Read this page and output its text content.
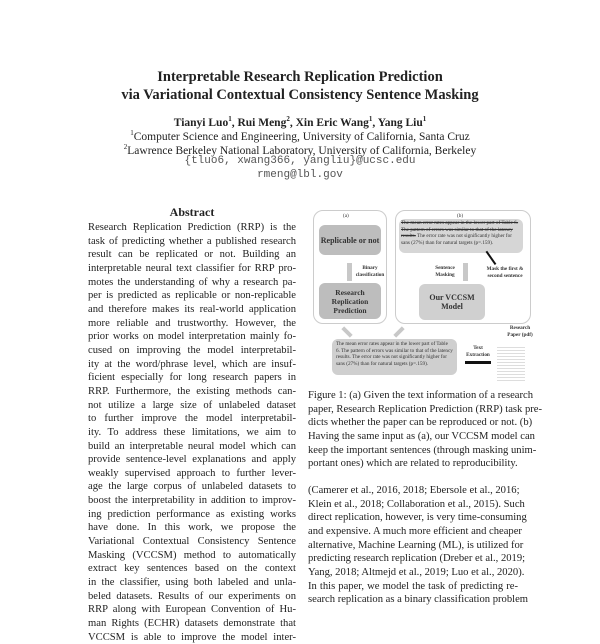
Interpretable Research Replication Prediction
via Variational Contextual Consistency Sentence Masking
Tianyi Luo$^1$, Rui Meng$^2$, Xin Eric Wang$^1$, Yang Liu$^1$
$^1$Computer Science and Engineering, University of California, Santa Cruz
$^2$Lawrence Berkeley National Laboratory, University of California, Berkeley
{tluo6, xwang366, yangliu}@ucsc.edu
rmeng@lbl.gov
Abstract
Research Replication Prediction (RRP) is the
task of predicting whether a published research
result can be replicated or not. Building an
interpretable neural text classifier for RRP pro-
motes the understanding of why a research pa-
per is predicted as replicable or non-replicable
and therefore makes its real-world application
more reliable and trustworthy. However, the
prior works on model interpretation mainly fo-
cused on improving the model interpretabil-
ity at the word/phrase level, which are insuf-
ficient especially for long research papers in
RRP. Furthermore, the existing methods can-
not utilize a large size of unlabeled dataset
to further improve the model interpretabil-
ity. To address these limitations, we aim to
build an interpretable neural model which can
provide sentence-level explanations and apply
weakly supervised approach to further lever-
age the large corpus of unlabeled datasets to
boost the interpretability in addition to improv-
ing prediction performance as existing works
have done. In this work, we propose the
Variational Contextual Consistency Sentence
Masking (VCCSM) method to automatically
extract key sentences based on the context
in the classifier, using both labeled and unla-
beled datasets. Results of our experiments on
RRP along with European Convention of Hu-
man Rights (ECHR) datasets demonstrate that
VCCSM is able to improve the model inter-
(a)	(b)
Replicable or not
Binary classification
Research Replication Prediction
The mean error rates appear in the lower part of Table 6. The pattern of errors was similar to that of the latency results. The error rate was not significantly higher for sans (27%) than for natural targets (p=.159).
Mask the first & second sentence
Sentence Masking
Our VCCSM Model
The mean error rates appear in the lower part of Table 6. The pattern of errors was similar to that of the latency results. The error rate was not significantly higher for sans (27%) than for natural targets (p=.159).
Text Extraction
Research Paper (pdf)
Figure 1: (a) Given the text information of a research
paper, Research Replication Prediction (RRP) task pre-
dicts whether the paper can be reproduced or not. (b)
Having the same input as (a), our VCCSM model can
keep the important sentences (through masking unim-
portant ones) which are related to reproducibility.
(Camerer et al., 2016, 2018; Ebersole et al., 2016;
Klein et al., 2018; Collaboration et al., 2015). Such
direct replication, however, is very time-consuming
and expensive. A much more efficient and cheaper
alternative, Machine Learning (ML), is utilized for
predicting research replication (Dreber et al., 2019;
Yang, 2018; Altmejd et al., 2019; Luo et al., 2020).
In this paper, we model the task of predicting re-
search replication as a binary classification problem
